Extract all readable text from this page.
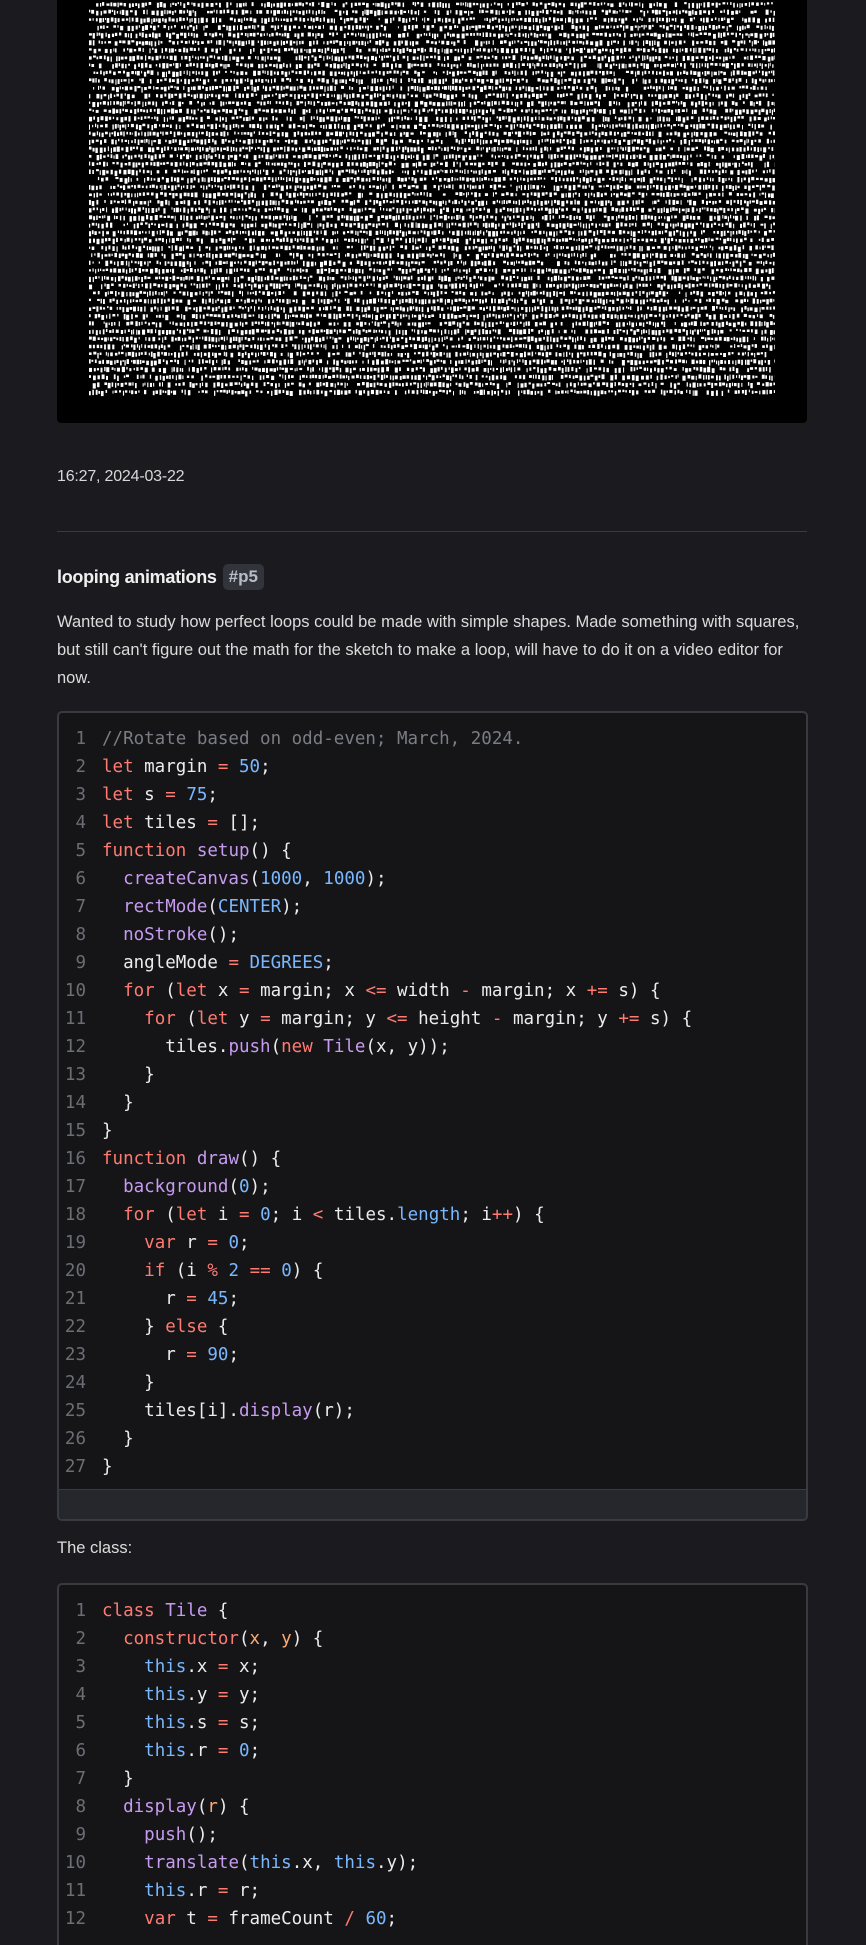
16:27, 2024-03-22
looping animations #p5
Wanted to study how perfect loops could be made with simple shapes. Made something with squares, but still can't figure out the math for the sketch to make a loop, will have to do it on a video editor for now.
1 //Rotate based on odd-even; March, 2024.
2 let margin = 50;
3 let s = 75;
4 let tiles = [];
5 function setup() {
6	createCanvas(1000, 1000);
7	rectMode(CENTER);
8	noStroke();
9 angleMode = DEGREES;
10	for (let x = margin; x <= width - margin; x += s) {
11	for (let y = margin; y <= height - margin; y += s) {
12 tiles.push(new Tile(x, y));
13 }
14 }
15 }
16 function draw() {
17	background(0);
18	for (let i = 0; i < tiles.length; i++) {
19	var r = 0;
20	if (i % 2 == 0) {
21 r = 45;
22 } else {
23 r = 90;
24 }
25 tiles[i].display(r);
26 }
27 }
The class:
1 class Tile {
2	constructor(x, y) {
3	this.x = x;
4	this.y = y;
5	this.s = s;
6	this.r = 0;
7 }
8	display(r) {
9	push();
10	translate(this.x, this.y);
11	this.r = r;
12	var t = frameCount / 60;
